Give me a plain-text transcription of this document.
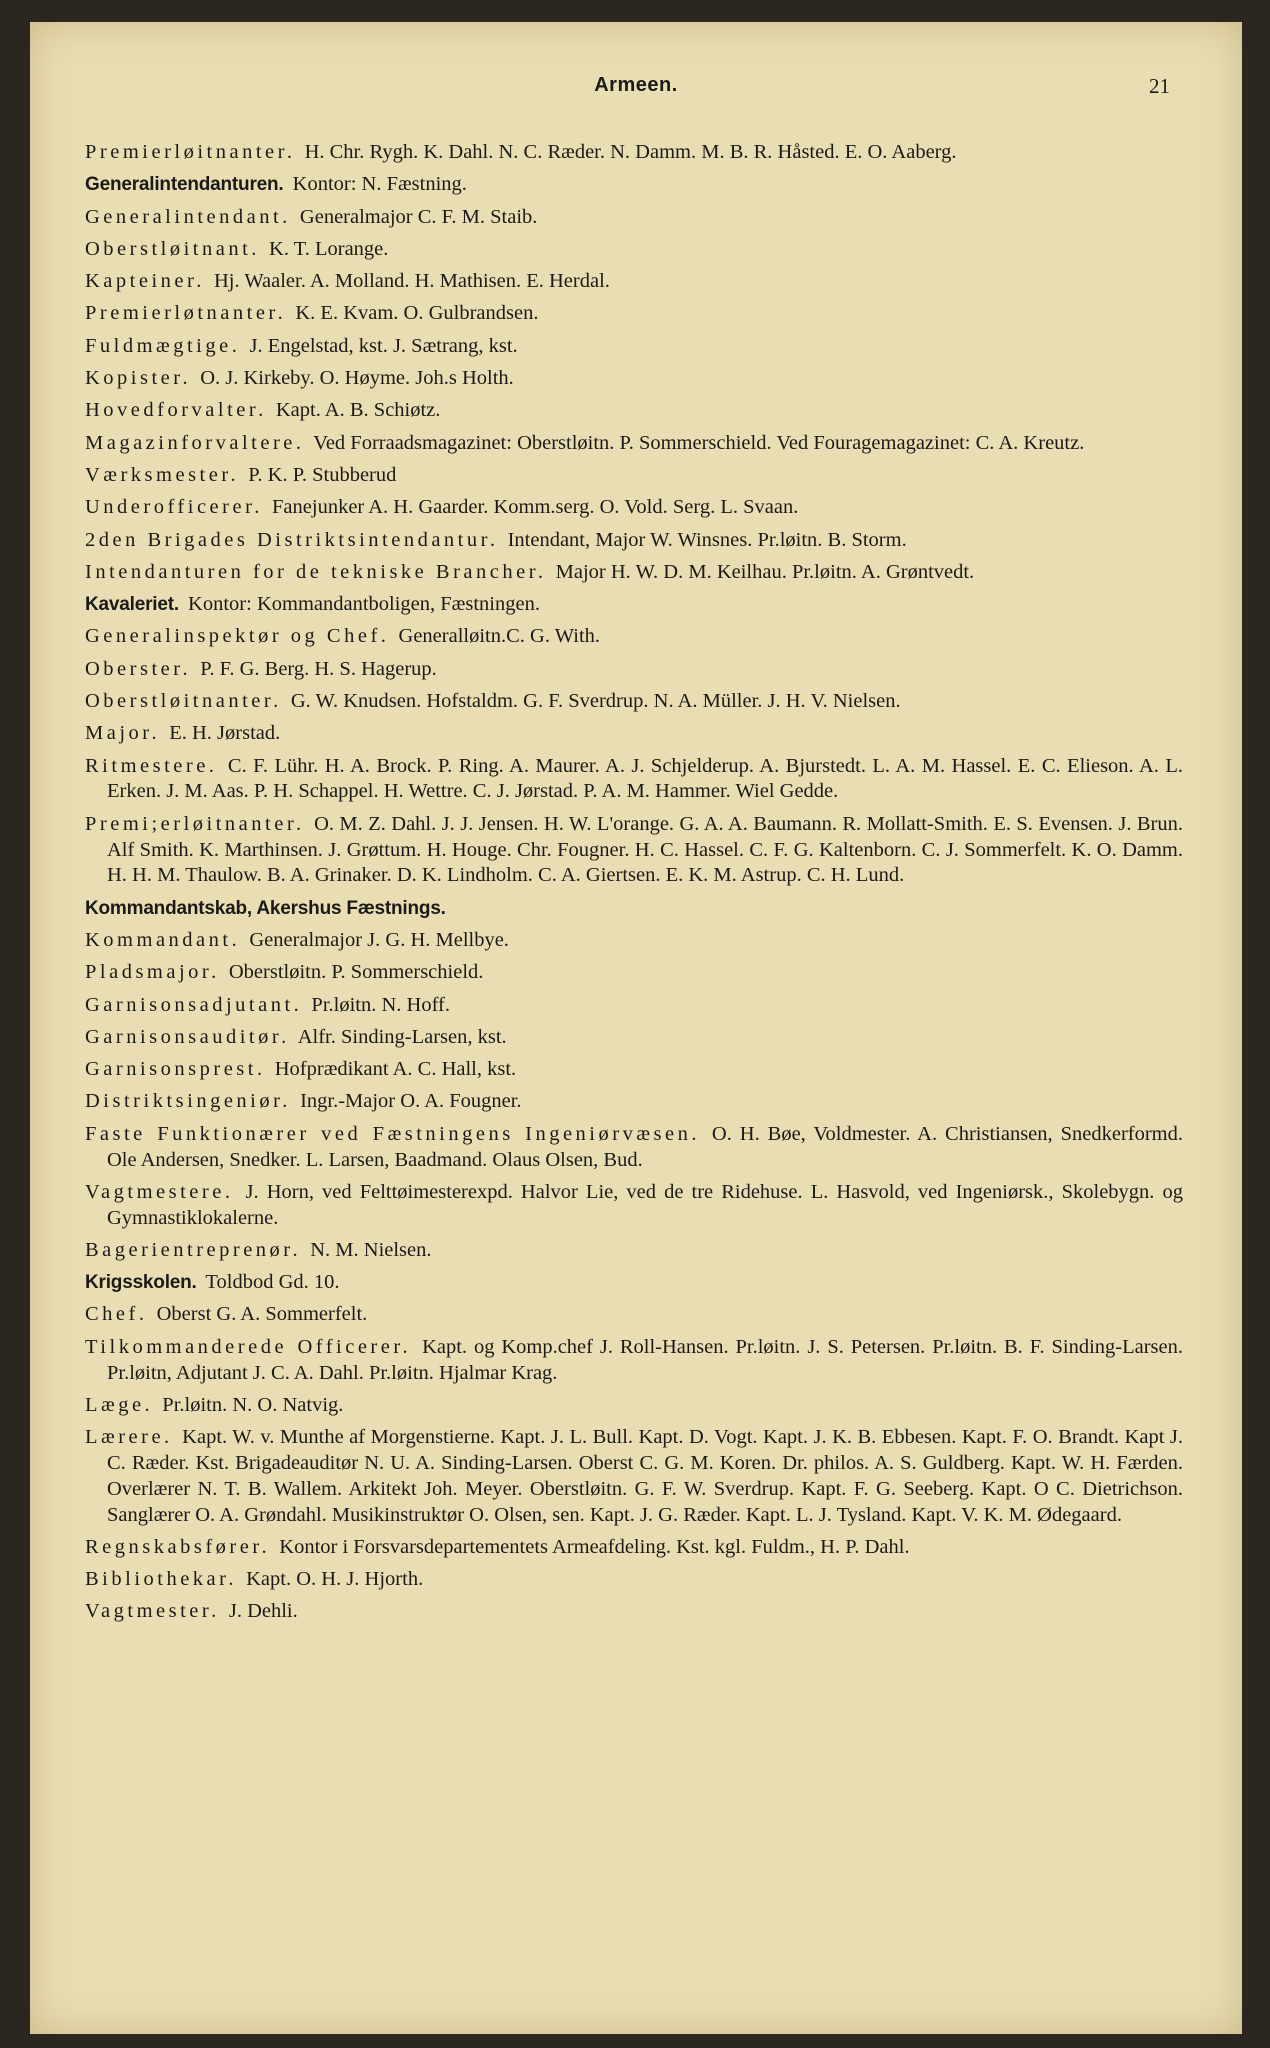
Armeen.	21
Premierløitnanter. H. Chr. Rygh. K. Dahl. N. C. Ræder. N. Damm. M. B. R. Håsted. E. O. Aaberg.
Generalintendanturen. Kontor: N. Fæstning.
Generalintendant. Generalmajor C. F. M. Staib.
Oberstløitnant. K. T. Lorange.
Kapteiner. Hj. Waaler. A. Molland. H. Mathisen. E. Herdal.
Premierløtnanter. K. E. Kvam. O. Gulbrandsen.
Fuldmægtige. J. Engelstad, kst. J. Sætrang, kst.
Kopister. O. J. Kirkeby. O. Høyme. Joh.s Holth.
Hovedforvalter. Kapt. A. B. Schiøtz.
Magazinforvaltere. Ved Forraadsmagazinet: Oberstløitn. P. Sommerschield. Ved Fouragemagazinet: C. A. Kreutz.
Værksmester. P. K. P. Stubberud
Underofficerer. Fanejunker A. H. Gaarder. Komm.serg. O. Vold. Serg. L. Svaan.
2den Brigades Distriktsintendantur. Intendant, Major W. Winsnes. Pr.løitn. B. Storm.
Intendanturen for de tekniske Brancher. Major H. W. D. M. Keilhau. Pr.løitn. A. Grøntvedt.
Kavaleriet. Kontor: Kommandantboligen, Fæstningen.
Generalinspektør og Chef. Generalløitn.C. G. With.
Oberster. P. F. G. Berg. H. S. Hagerup.
Oberstløitnanter. G. W. Knudsen. Hofstaldm. G. F. Sverdrup. N. A. Müller. J. H. V. Nielsen.
Major. E. H. Jørstad.
Ritmestere. C. F. Lühr. H. A. Brock. P. Ring. A. Maurer. A. J. Schjelderup. A. Bjurstedt. L. A. M. Hassel. E. C. Elieson. A. L. Erken. J. M. Aas. P. H. Schappel. H. Wettre. C. J. Jørstad. P. A. M. Hammer. Wiel Gedde.
Premi;erløitnanter. O. M. Z. Dahl. J. J. Jensen. H. W. L'orange. G. A. A. Baumann. R. Mollatt-Smith. E. S. Evensen. J. Brun. Alf Smith. K. Marthinsen. J. Grøttum. H. Houge. Chr. Fougner. H. C. Hassel. C. F. G. Kaltenborn. C. J. Sommerfelt. K. O. Damm. H. H. M. Thaulow. B. A. Grinaker. D. K. Lindholm. C. A. Giertsen. E. K. M. Astrup. C. H. Lund.
Kommandantskab, Akershus Fæstnings.
Kommandant. Generalmajor J. G. H. Mellbye.
Pladsmajor. Oberstløitn. P. Sommerschield.
Garnisonsadjutant. Pr.løitn. N. Hoff.
Garnisonsauditør. Alfr. Sinding-Larsen, kst.
Garnisonsprest. Hofprædikant A. C. Hall, kst.
Distriktsingeniør. Ingr.-Major O. A. Fougner.
Faste Funktionærer ved Fæstningens Ingeniørvæsen. O. H. Bøe, Voldmester. A. Christiansen, Snedkerformd. Ole Andersen, Snedker. L. Larsen, Baadmand. Olaus Olsen, Bud.
Vagtmestere. J. Horn, ved Felttøimesterexpd. Halvor Lie, ved de tre Ridehuse. L. Hasvold, ved Ingeniørsk., Skolebygn. og Gymnastiklokalerne.
Bagerientreprenør. N. M. Nielsen.
Krigsskolen. Toldbod Gd. 10.
Chef. Oberst G. A. Sommerfelt.
Tilkommanderede Officerer. Kapt. og Komp.chef J. Roll-Hansen. Pr.løitn. J. S. Petersen. Pr.løitn. B. F. Sinding-Larsen. Pr.løitn, Adjutant J. C. A. Dahl. Pr.løitn. Hjalmar Krag.
Læge. Pr.løitn. N. O. Natvig.
Lærere. Kapt. W. v. Munthe af Morgenstierne. Kapt. J. L. Bull. Kapt. D. Vogt. Kapt. J. K. B. Ebbesen. Kapt. F. O. Brandt. Kapt J. C. Ræder. Kst. Brigadeauditør N. U. A. Sinding-Larsen. Oberst C. G. M. Koren. Dr. philos. A. S. Guldberg. Kapt. W. H. Færden. Overlærer N. T. B. Wallem. Arkitekt Joh. Meyer. Oberstløitn. G. F. W. Sverdrup. Kapt. F. G. Seeberg. Kapt. O C. Dietrichson. Sanglærer O. A. Grøndahl. Musikinstruktør O. Olsen, sen. Kapt. J. G. Ræder. Kapt. L. J. Tysland. Kapt. V. K. M. Ødegaard.
Regnskabsfører. Kontor i Forsvarsdepartementets Armeafdeling. Kst. kgl. Fuldm., H. P. Dahl.
Bibliothekar. Kapt. O. H. J. Hjorth.
Vagtmester. J. Dehli.
